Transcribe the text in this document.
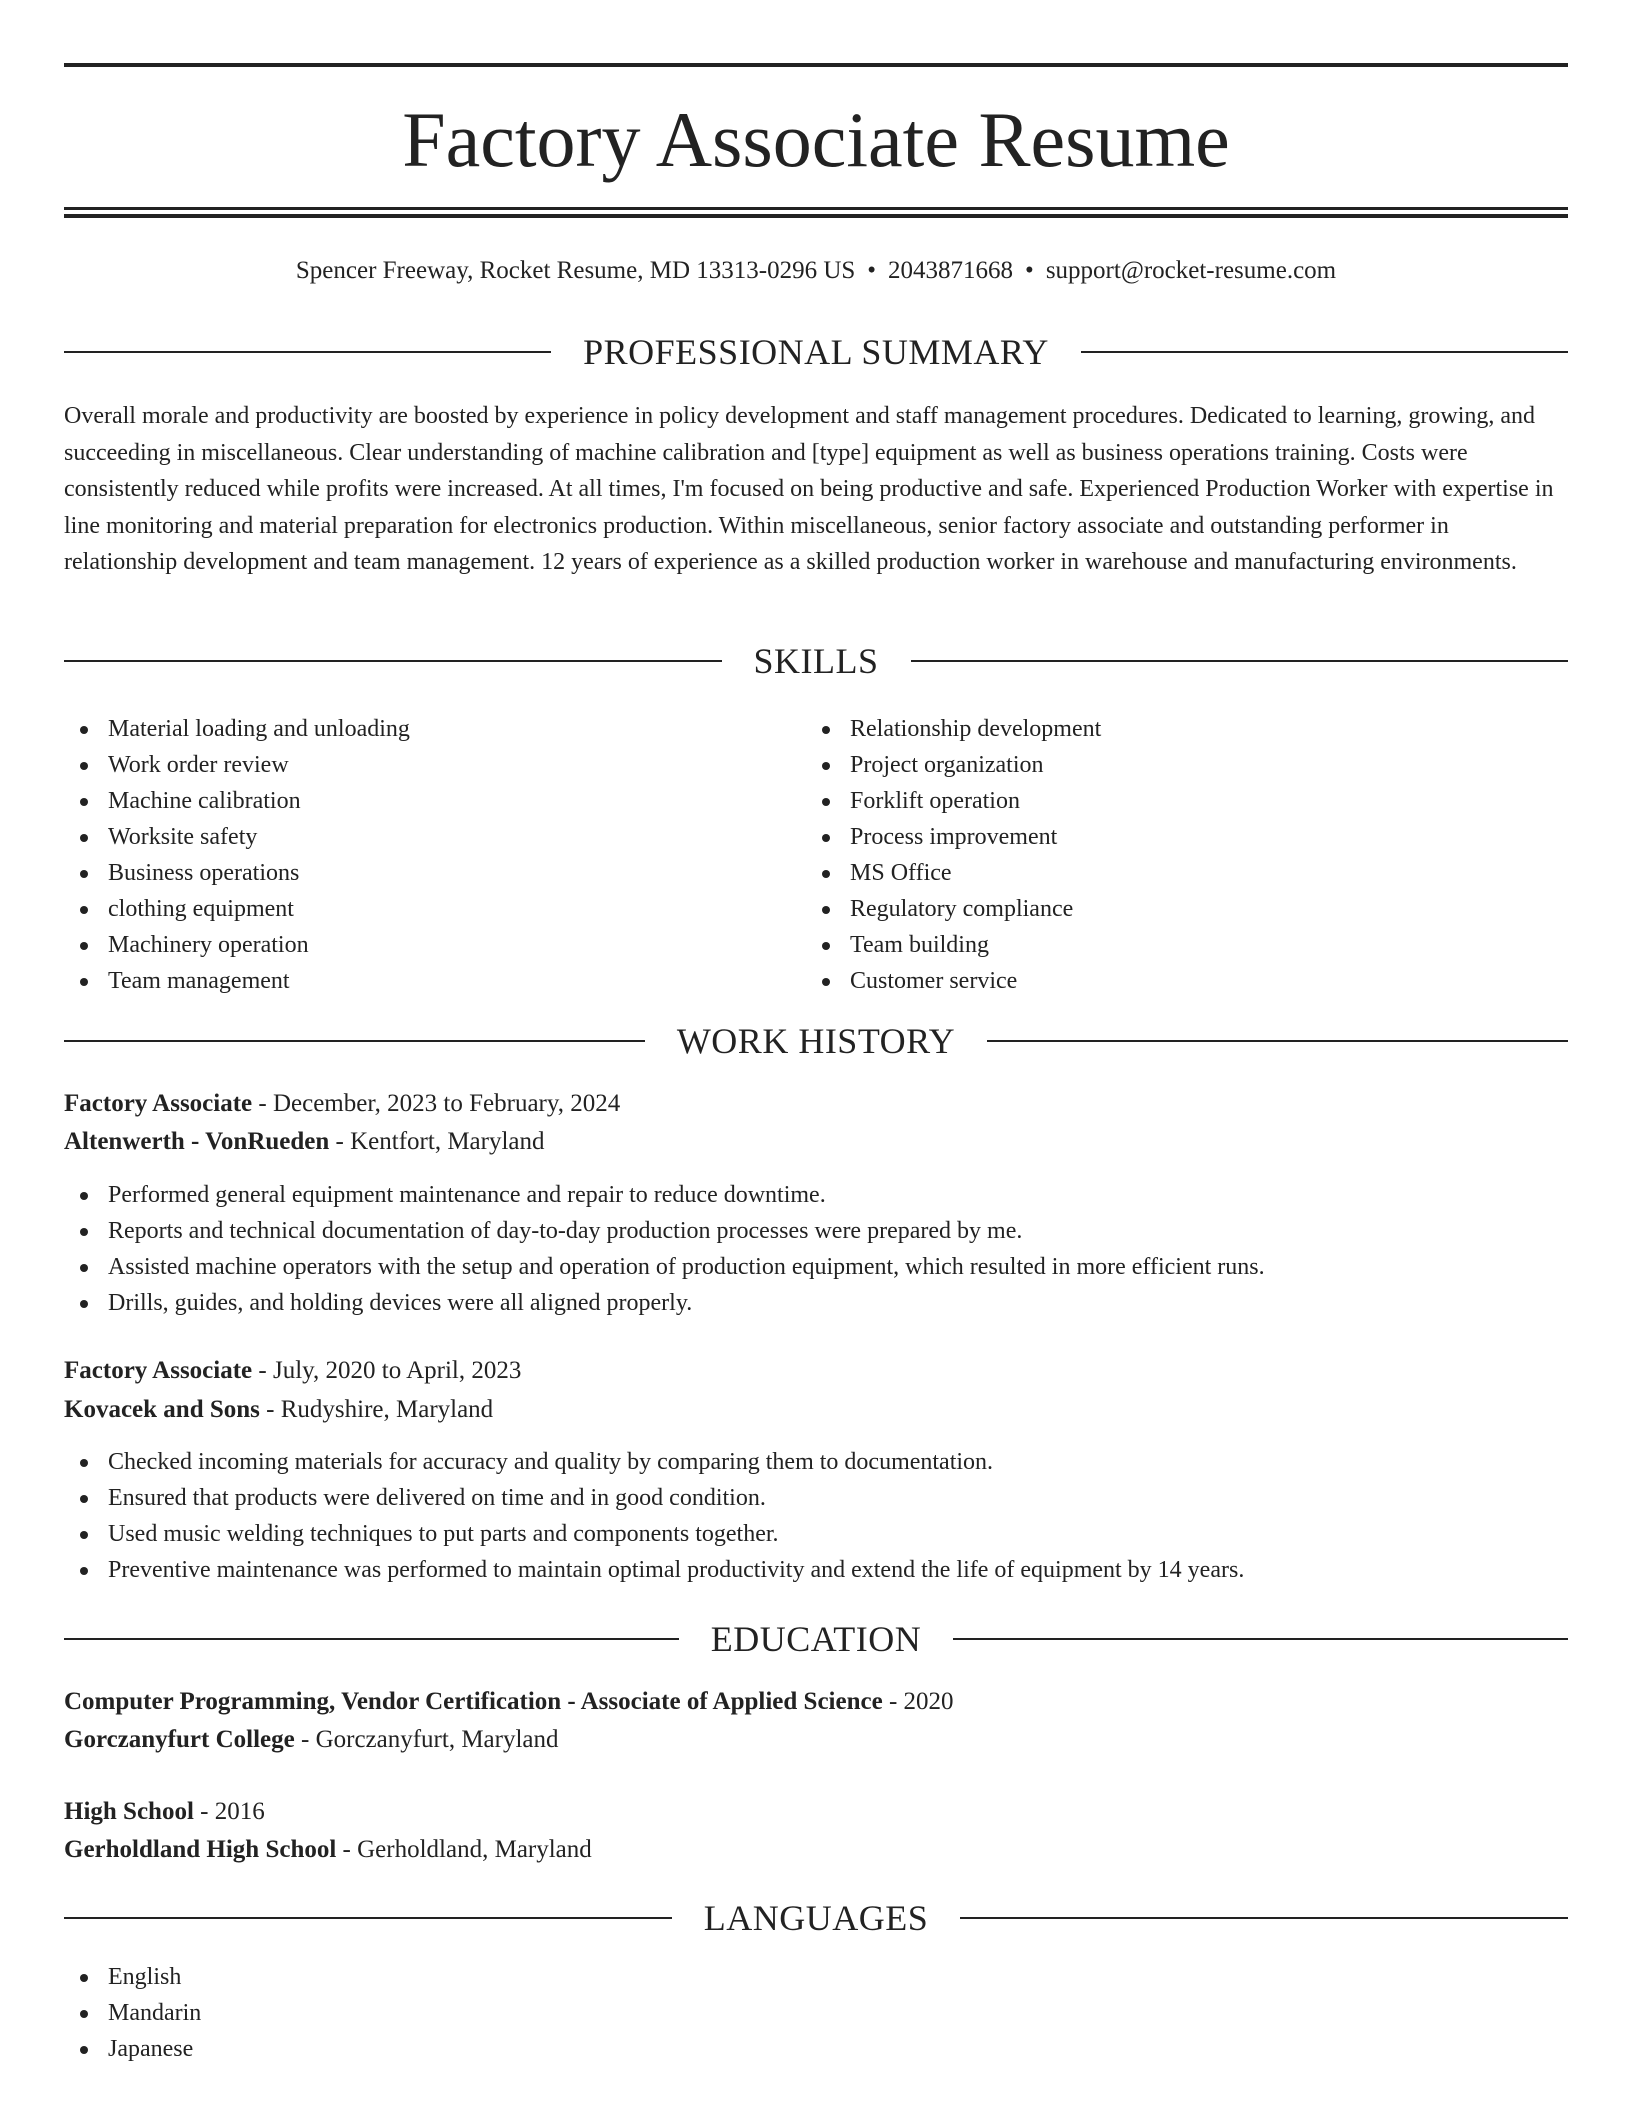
Factory Associate Resume
Spencer Freeway, Rocket Resume, MD 13313-0296 US • 2043871668 • support@rocket-resume.com
PROFESSIONAL SUMMARY

Overall morale and productivity are boosted by experience in policy development and staff management procedures. Dedicated to learning, growing, and succeeding in miscellaneous. Clear understanding of machine calibration and [type] equipment as well as business operations training. Costs were consistently reduced while profits were increased. At all times, I'm focused on being productive and safe. Experienced Production Worker with expertise in line monitoring and material preparation for electronics production. Within miscellaneous, senior factory associate and outstanding performer in relationship development and team management. 12 years of experience as a skilled production worker in warehouse and manufacturing environments.

SKILLS
Material loading and unloading
Work order review
Machine calibration
Worksite safety
Business operations
clothing equipment
Machinery operation
Team management
Relationship development
Project organization
Forklift operation
Process improvement
MS Office
Regulatory compliance
Team building
Customer service
WORK HISTORY
Factory Associate - December, 2023 to February, 2024
Altenwerth - VonRueden - Kentfort, Maryland
Performed general equipment maintenance and repair to reduce downtime.
Reports and technical documentation of day-to-day production processes were prepared by me.
Assisted machine operators with the setup and operation of production equipment, which resulted in more efficient runs.
Drills, guides, and holding devices were all aligned properly.
Factory Associate - July, 2020 to April, 2023
Kovacek and Sons - Rudyshire, Maryland
Checked incoming materials for accuracy and quality by comparing them to documentation.
Ensured that products were delivered on time and in good condition.
Used music welding techniques to put parts and components together.
Preventive maintenance was performed to maintain optimal productivity and extend the life of equipment by 14 years.
EDUCATION
Computer Programming, Vendor Certification - Associate of Applied Science - 2020
Gorczanyfurt College - Gorczanyfurt, Maryland
High School - 2016
Gerholdland High School - Gerholdland, Maryland
LANGUAGES
English
Mandarin
Japanese
